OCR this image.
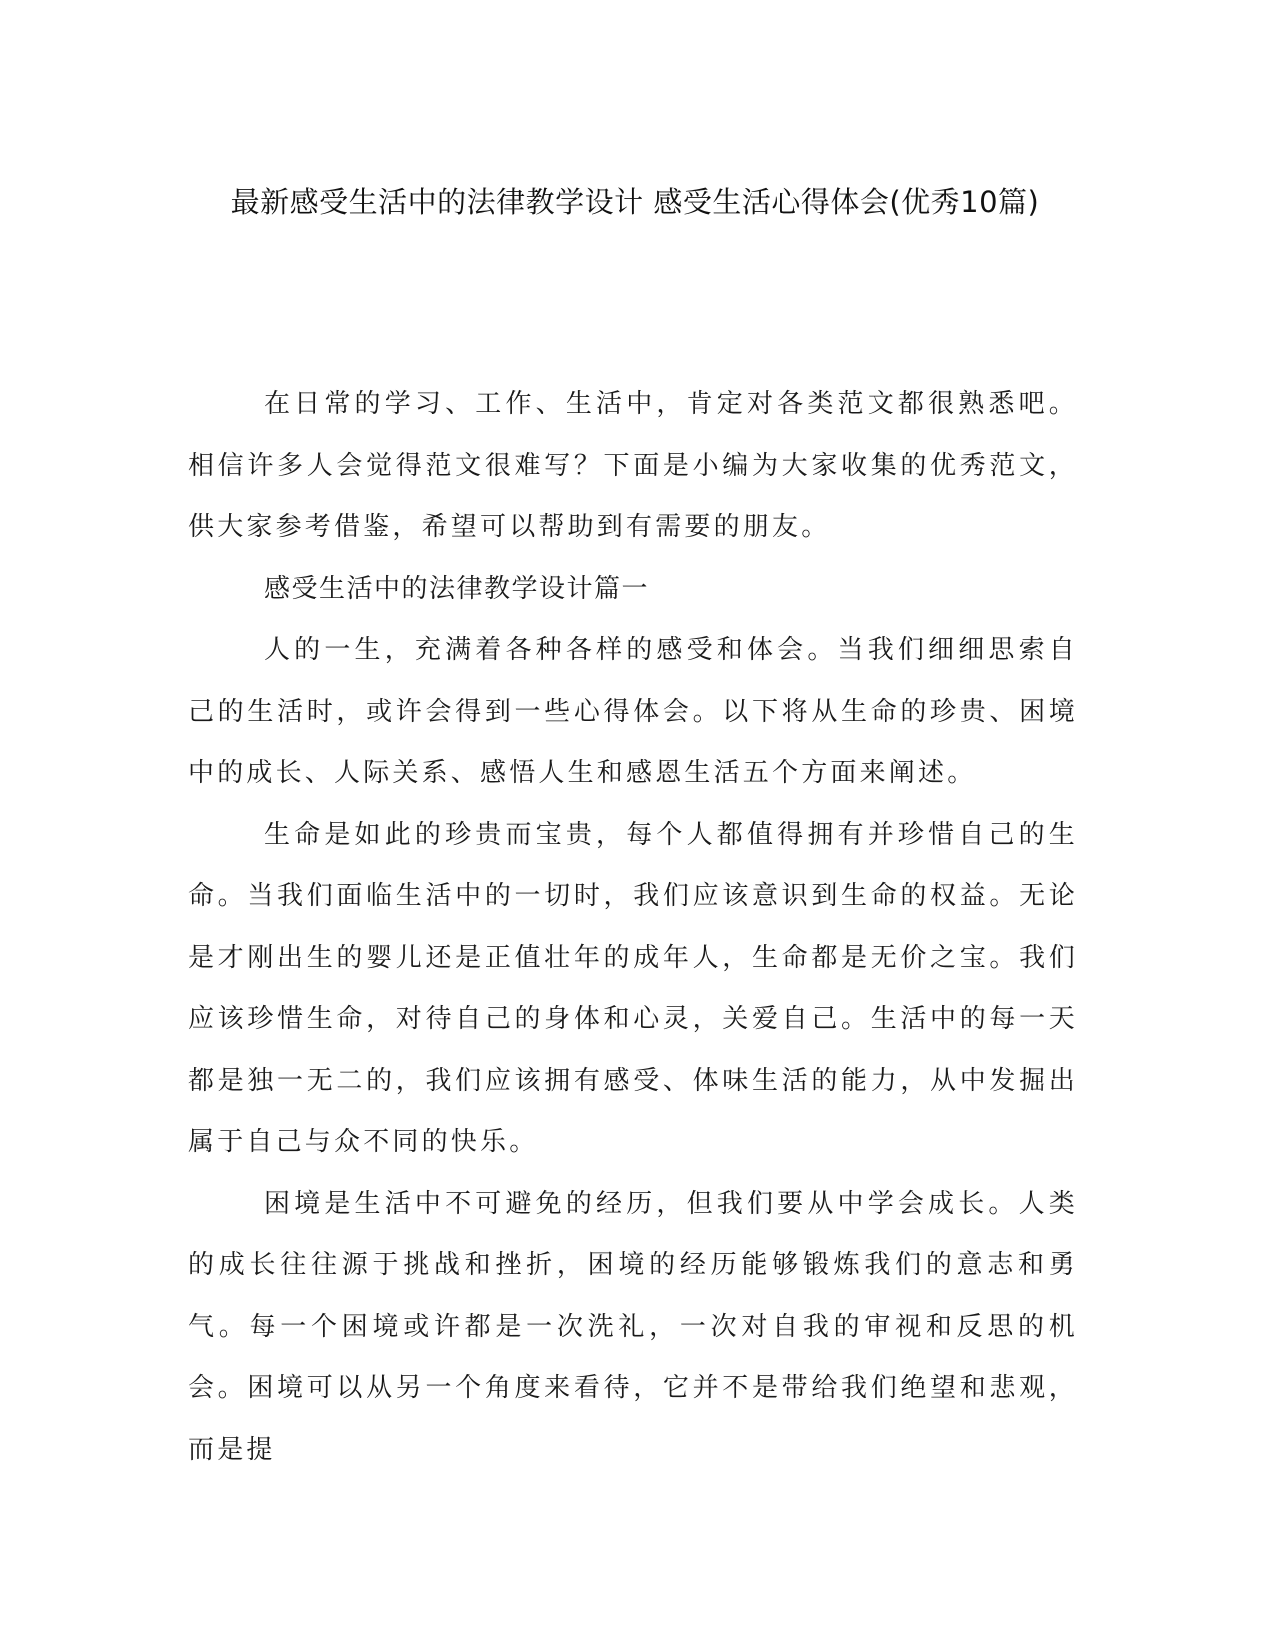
最新感受生活中的法律教学设计 感受生活心得体会(优秀10篇)

在日常的学习、工作、生活中，肯定对各类范文都很熟悉吧。相信许多人会觉得范文很难写？下面是小编为大家收集的优秀范文，供大家参考借鉴，希望可以帮助到有需要的朋友。

感受生活中的法律教学设计篇一

人的一生，充满着各种各样的感受和体会。当我们细细思索自己的生活时，或许会得到一些心得体会。以下将从生命的珍贵、困境中的成长、人际关系、感悟人生和感恩生活五个方面来阐述。

生命是如此的珍贵而宝贵，每个人都值得拥有并珍惜自己的生命。当我们面临生活中的一切时，我们应该意识到生命的权益。无论是才刚出生的婴儿还是正值壮年的成年人，生命都是无价之宝。我们应该珍惜生命，对待自己的身体和心灵，关爱自己。生活中的每一天都是独一无二的，我们应该拥有感受、体味生活的能力，从中发掘出属于自己与众不同的快乐。

困境是生活中不可避免的经历，但我们要从中学会成长。人类的成长往往源于挑战和挫折，困境的经历能够锻炼我们的意志和勇气。每一个困境或许都是一次洗礼，一次对自我的审视和反思的机会。困境可以从另一个角度来看待，它并不是带给我们绝望和悲观，而是提
